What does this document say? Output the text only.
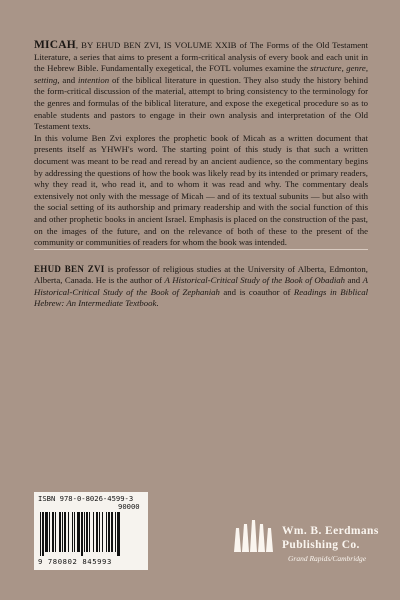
MICAH, BY EHUD BEN ZVI, IS VOLUME XXIB of The Forms of the Old Testament Literature, a series that aims to present a form-critical analysis of every book and each unit in the Hebrew Bible. Fundamentally exegetical, the FOTL volumes examine the structure, genre, setting, and intention of the biblical literature in question. They also study the history behind the form-critical discussion of the material, attempt to bring consistency to the terminology for the genres and formulas of the biblical literature, and expose the exegetical procedure so as to enable students and pastors to engage in their own analysis and interpretation of the Old Testament texts.

In this volume Ben Zvi explores the prophetic book of Micah as a written document that presents itself as YHWH's word. The starting point of this study is that such a written document was meant to be read and reread by an ancient audience, so the commentary begins by addressing the questions of how the book was likely read by its intended or primary readers, why they read it, who read it, and to whom it was read and why. The commentary deals extensively not only with the message of Micah — and of its textual subunits — but also with the social setting of its authorship and primary readership and with the social function of this and other prophetic books in ancient Israel. Emphasis is placed on the construction of the past, on the images of the future, and on the relevance of both of these to the present of the community or communities of readers for whom the book was intended.

EHUD BEN ZVI is professor of religious studies at the University of Alberta, Edmonton, Alberta, Canada. He is the author of A Historical-Critical Study of the Book of Obadiah and A Historical-Critical Study of the Book of Zephaniah and is coauthor of Readings in Biblical Hebrew: An Intermediate Textbook.

ISBN 978-0-8026-4599-3
90000
9 780802 845993
Wm. B. Eerdmans
Publishing Co.
Grand Rapids/Cambridge
